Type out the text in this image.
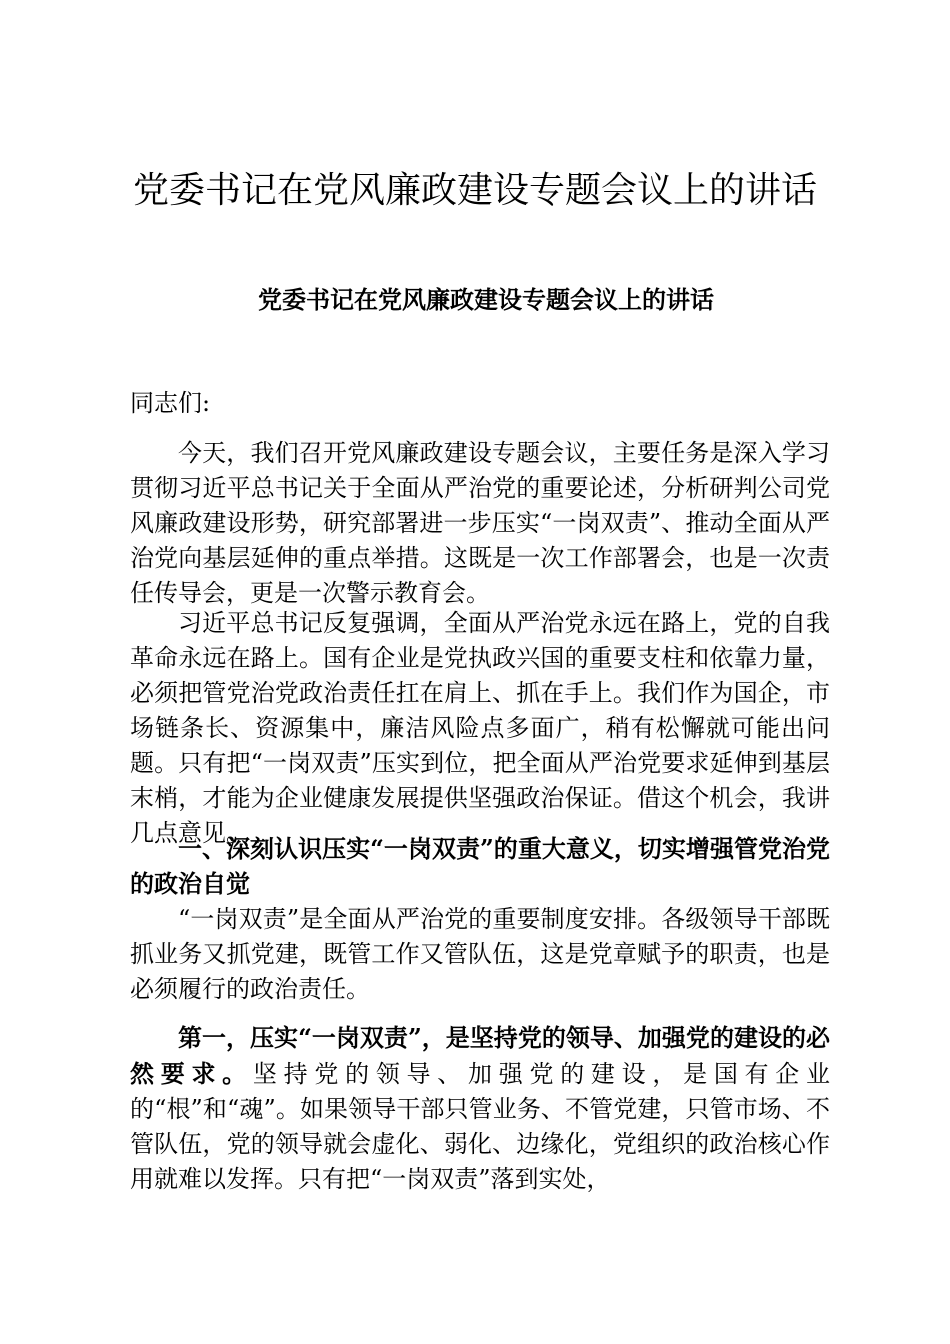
党委书记在党风廉政建设专题会议上的讲话
党委书记在党风廉政建设专题会议上的讲话

同志们:

今天，我们召开党风廉政建设专题会议，主要任务是深入学习贯彻习近平总书记关于全面从严治党的重要论述，分析研判公司党风廉政建设形势，研究部署进一步压实“一岗双责”、推动全面从严治党向基层延伸的重点举措。这既是一次工作部署会，也是一次责任传导会，更是一次警示教育会。

习近平总书记反复强调，全面从严治党永远在路上，党的自我革命永远在路上。国有企业是党执政兴国的重要支柱和依靠力量，必须把管党治党政治责任扛在肩上、抓在手上。我们作为国企，市场链条长、资源集中，廉洁风险点多面广，稍有松懈就可能出问题。只有把“一岗双责”压实到位，把全面从严治党要求延伸到基层末梢，才能为企业健康发展提供坚强政治保证。借这个机会，我讲几点意见。

一、深刻认识压实“一岗双责”的重大意义，切实增强管党治党的政治自觉

“一岗双责”是全面从严治党的重要制度安排。各级领导干部既抓业务又抓党建，既管工作又管队伍，这是党章赋予的职责，也是必须履行的政治责任。

第一，压实“一岗双责”，是坚持党的领导、加强党的建设的必然要求。坚持党的领导、加强党的建设，是国有企业的“根”和“魂”。如果领导干部只管业务、不管党建，只管市场、不管队伍，党的领导就会虚化、弱化、边缘化，党组织的政治核心作用就难以发挥。只有把“一岗双责”落到实处，
